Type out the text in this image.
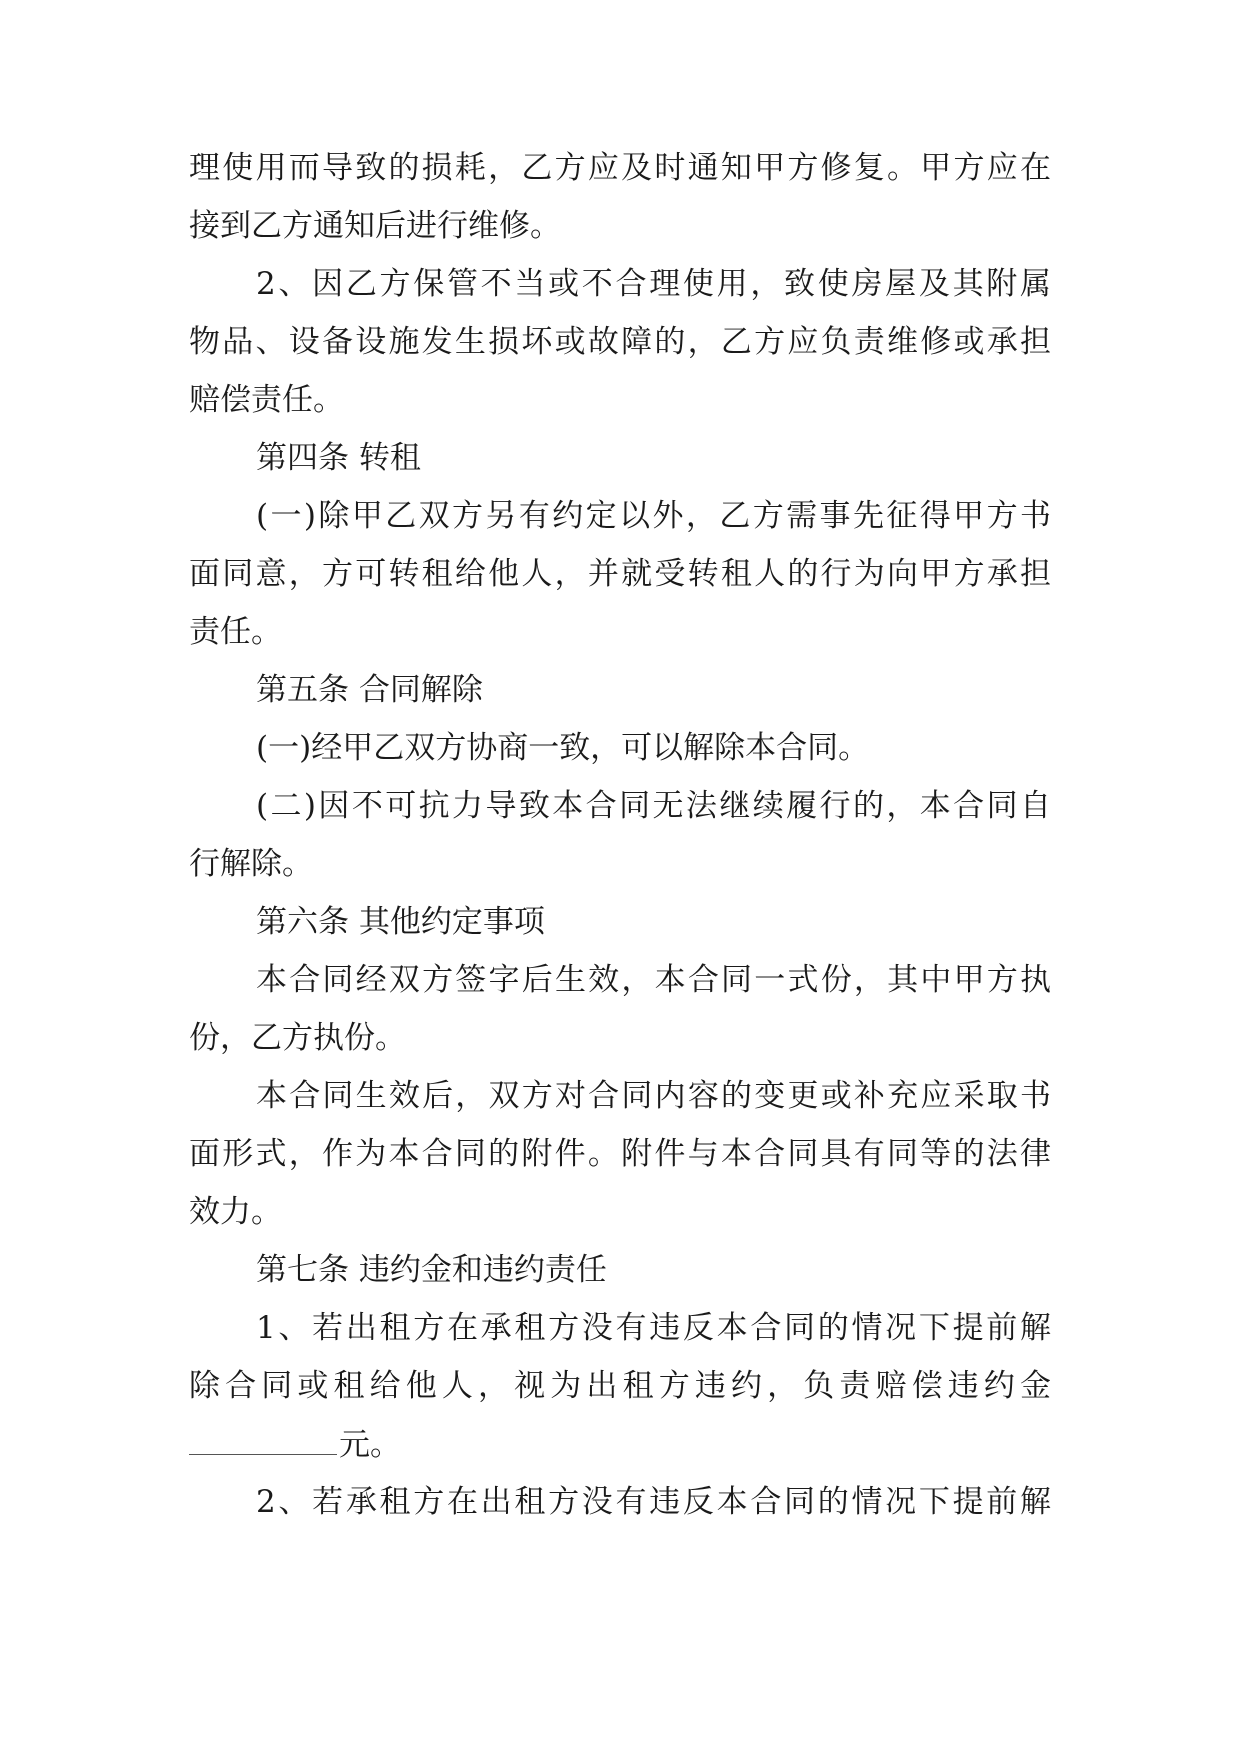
理使用而导致的损耗，乙方应及时通知甲方修复。甲方应在
接到乙方通知后进行维修。
2、因乙方保管不当或不合理使用，致使房屋及其附属
物品、设备设施发生损坏或故障的，乙方应负责维修或承担
赔偿责任。
第四条 转租
(一)除甲乙双方另有约定以外，乙方需事先征得甲方书
面同意，方可转租给他人，并就受转租人的行为向甲方承担
责任。
第五条 合同解除
(一)经甲乙双方协商一致，可以解除本合同。
(二)因不可抗力导致本合同无法继续履行的，本合同自
行解除。
第六条 其他约定事项
本合同经双方签字后生效，本合同一式份，其中甲方执
份，乙方执份。
本合同生效后，双方对合同内容的变更或补充应采取书
面形式，作为本合同的附件。附件与本合同具有同等的法律
效力。
第七条 违约金和违约责任
1、若出租方在承租方没有违反本合同的情况下提前解
除合同或租给他人，视为出租方违约，负责赔偿违约金
元。
2、若承租方在出租方没有违反本合同的情况下提前解
